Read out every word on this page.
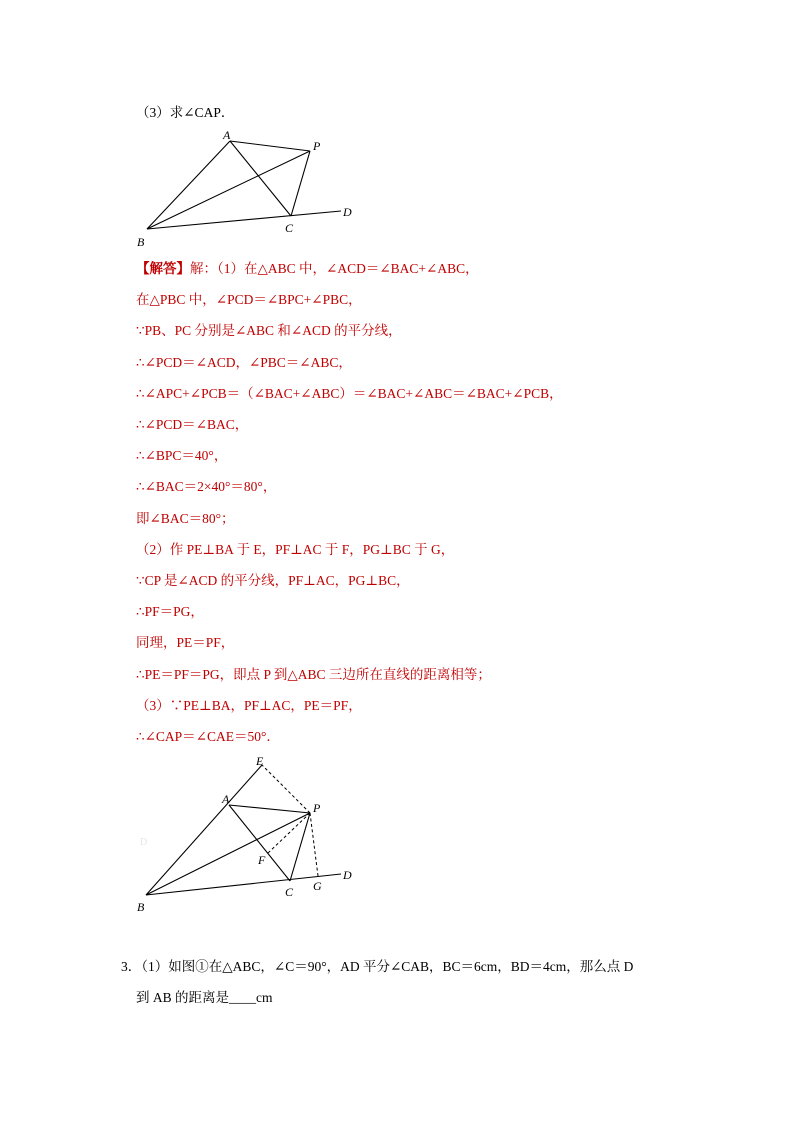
（3）求∠CAP．
A
P
B
C
D
【解答】解：（1）在△ABC 中，∠ACD＝∠BAC+∠ABC，
在△PBC 中，∠PCD＝∠BPC+∠PBC，
∵PB、PC 分别是∠ABC 和∠ACD 的平分线，
∴∠PCD＝∠ACD，∠PBC＝∠ABC，
∴∠APC+∠PCB＝（∠BAC+∠ABC）＝∠BAC+∠ABC＝∠BAC+∠PCB，
∴∠PCD＝∠BAC，
∴∠BPC＝40°，
∴∠BAC＝2×40°＝80°，
即∠BAC＝80°；
（2）作 PE⊥BA 于 E，PF⊥AC 于 F，PG⊥BC 于 G，
∵CP 是∠ACD 的平分线，PF⊥AC，PG⊥BC，
∴PF＝PG，
同理，PE＝PF，
∴PE＝PF＝PG，即点 P 到△ABC 三边所在直线的距离相等；
（3）∵PE⊥BA，PF⊥AC，PE＝PF，
∴∠CAP＝∠CAE＝50°．
D
E
A
P
F
B
C G
D
3．（1）如图①在△ABC，∠C＝90°，AD 平分∠CAB，BC＝6cm，BD＝4cm，那么点 D
到 AB 的距离是____cm
